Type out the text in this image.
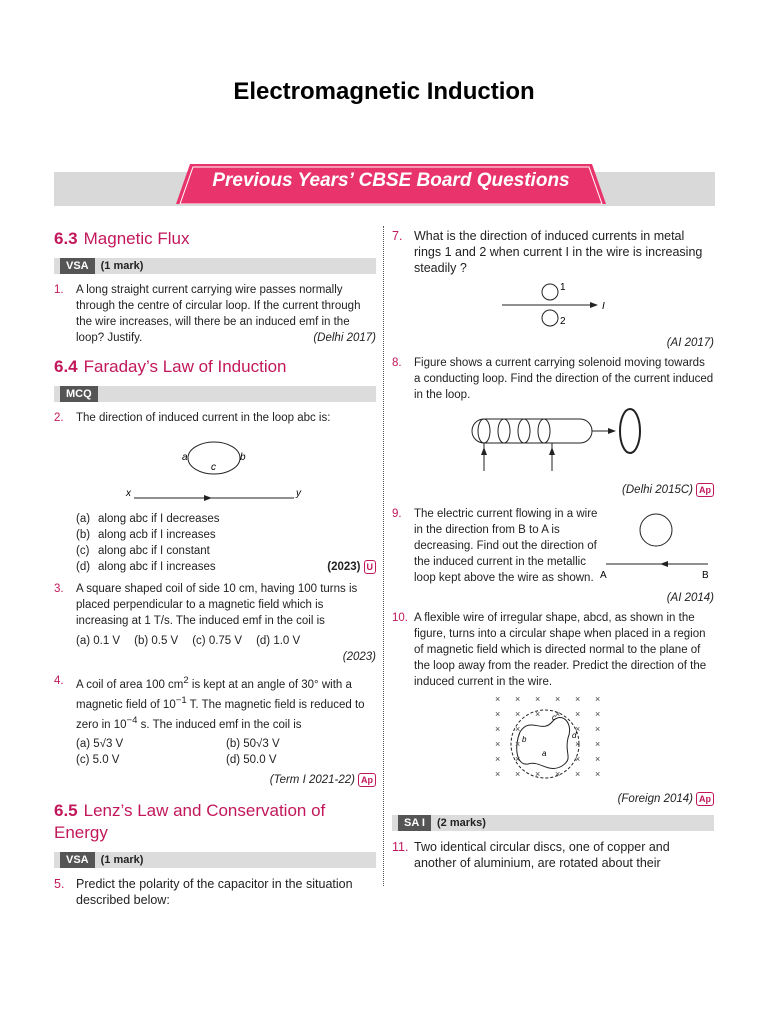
Electromagnetic Induction
Previous Years’ CBSE Board Questions
6.3 Magnetic Flux
VSA	(1 mark)
1.	A long straight current carrying wire passes normally through the centre of circular loop. If the current through the wire increases, will there be an induced emf in the loop? Justify.	(Delhi 2017)
6.4 Faraday’s Law of Induction
MCQ
2.	The direction of induced current in the loop abc is:
a	b
c
x	y
(a) along abc if I decreases
(b) along acb if I increases
(c) along abc if I constant
(d) along abc if I increases	(2023) U
3.	A square shaped coil of side 10 cm, having 100 turns is placed perpendicular to a magnetic field which is increasing at 1 T/s. The induced emf in the coil is
(a) 0.1 V (b) 0.5 V (c) 0.75 V (d) 1.0 V
(2023)
4.	A coil of area 100 $cm^2$ is kept at an angle of 30° with a magnetic field of $10^{-1}$ T. The magnetic field is reduced to zero in $10^{-4}$ s. The induced emf in the coil is
(a) 5√3 V	(b) 50√3 V
(c) 5.0 V	(d) 50.0 V
(Term I 2021-22) Ap
6.5 Lenz’s Law and Conservation of Energy
VSA	(1 mark)
5. Predict the polarity of the capacitor in the situation described below:
7. What is the direction of induced currents in metal rings 1 and 2 when current I in the wire is increasing steadily ?
1
I
2
(AI 2017)
8.	Figure shows a current carrying solenoid moving towards a conducting loop. Find the direction of the current induced in the loop.
(Delhi 2015C) Ap
9.	The electric current flowing in a wire in the direction from B to A is decreasing. Find out the direction of the induced current in the metallic loop kept above the wire as shown. A	B
(AI 2014)
10. A flexible wire of irregular shape, abcd, as shown in the figure, turns into a circular shape when placed in a region of magnetic field which is directed normal to the plane of the loop away from the reader. Predict the direction of the induced current in the wire.
b
c
d
a
× × × × × ×
× × × × × ×
× ×	× ×
× ×	× ×
× ×	× ×
× × × × × ×
(Foreign 2014) Ap
SA I	(2 marks)
11. Two identical circular discs, one of copper and another of aluminium, are rotated about their
